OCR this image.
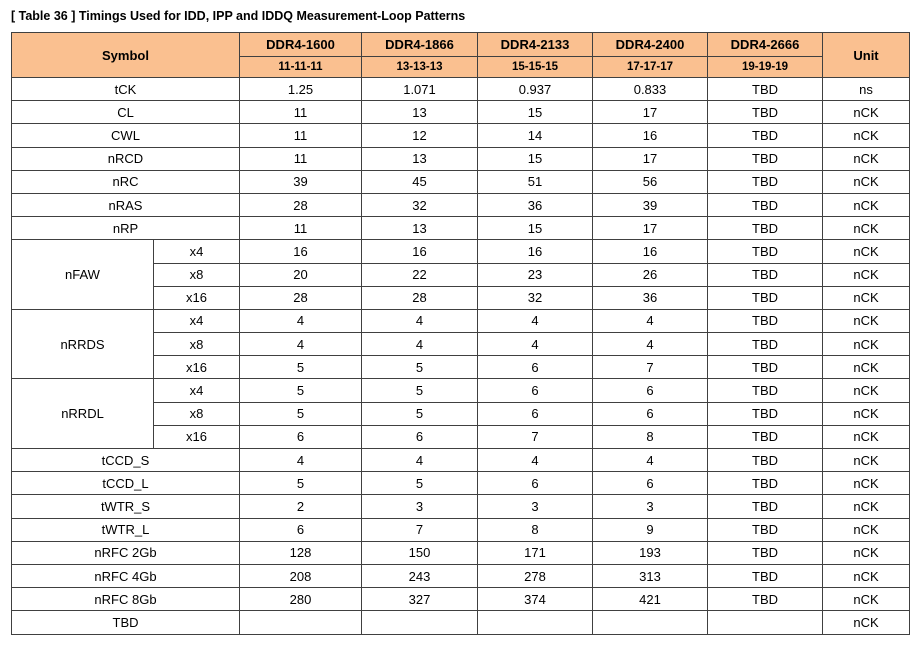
[ Table 36 ] Timings Used for IDD, IPP and IDDQ Measurement-Loop Patterns
Symbol		DDR4-1600	DDR4-1866	DDR4-2133	DDR4-2400	DDR4-2666	Unit
		11-11-11	13-13-13	15-15-15	17-17-17	19-19-19	
tCK		1.25	1.071	0.937	0.833	TBD	ns
CL		11	13	15	17	TBD	nCK
CWL		11	12	14	16	TBD	nCK
nRCD		11	13	15	17	TBD	nCK
nRC		39	45	51	56	TBD	nCK
nRAS		28	32	36	39	TBD	nCK
nRP		11	13	15	17	TBD	nCK
nFAW	x4	16	16	16	16	TBD	nCK
	x8	20	22	23	26	TBD	nCK
	x16	28	28	32	36	TBD	nCK
nRRDS	x4	4	4	4	4	TBD	nCK
	x8	4	4	4	4	TBD	nCK
	x16	5	5	6	7	TBD	nCK
nRRDL	x4	5	5	6	6	TBD	nCK
	x8	5	5	6	6	TBD	nCK
	x16	6	6	7	8	TBD	nCK
tCCD_S		4	4	4	4	TBD	nCK
tCCD_L		5	5	6	6	TBD	nCK
tWTR_S		2	3	3	3	TBD	nCK
tWTR_L		6	7	8	9	TBD	nCK
nRFC 2Gb		128	150	171	193	TBD	nCK
nRFC 4Gb		208	243	278	313	TBD	nCK
nRFC 8Gb		280	327	374	421	TBD	nCK
TBD							nCK
